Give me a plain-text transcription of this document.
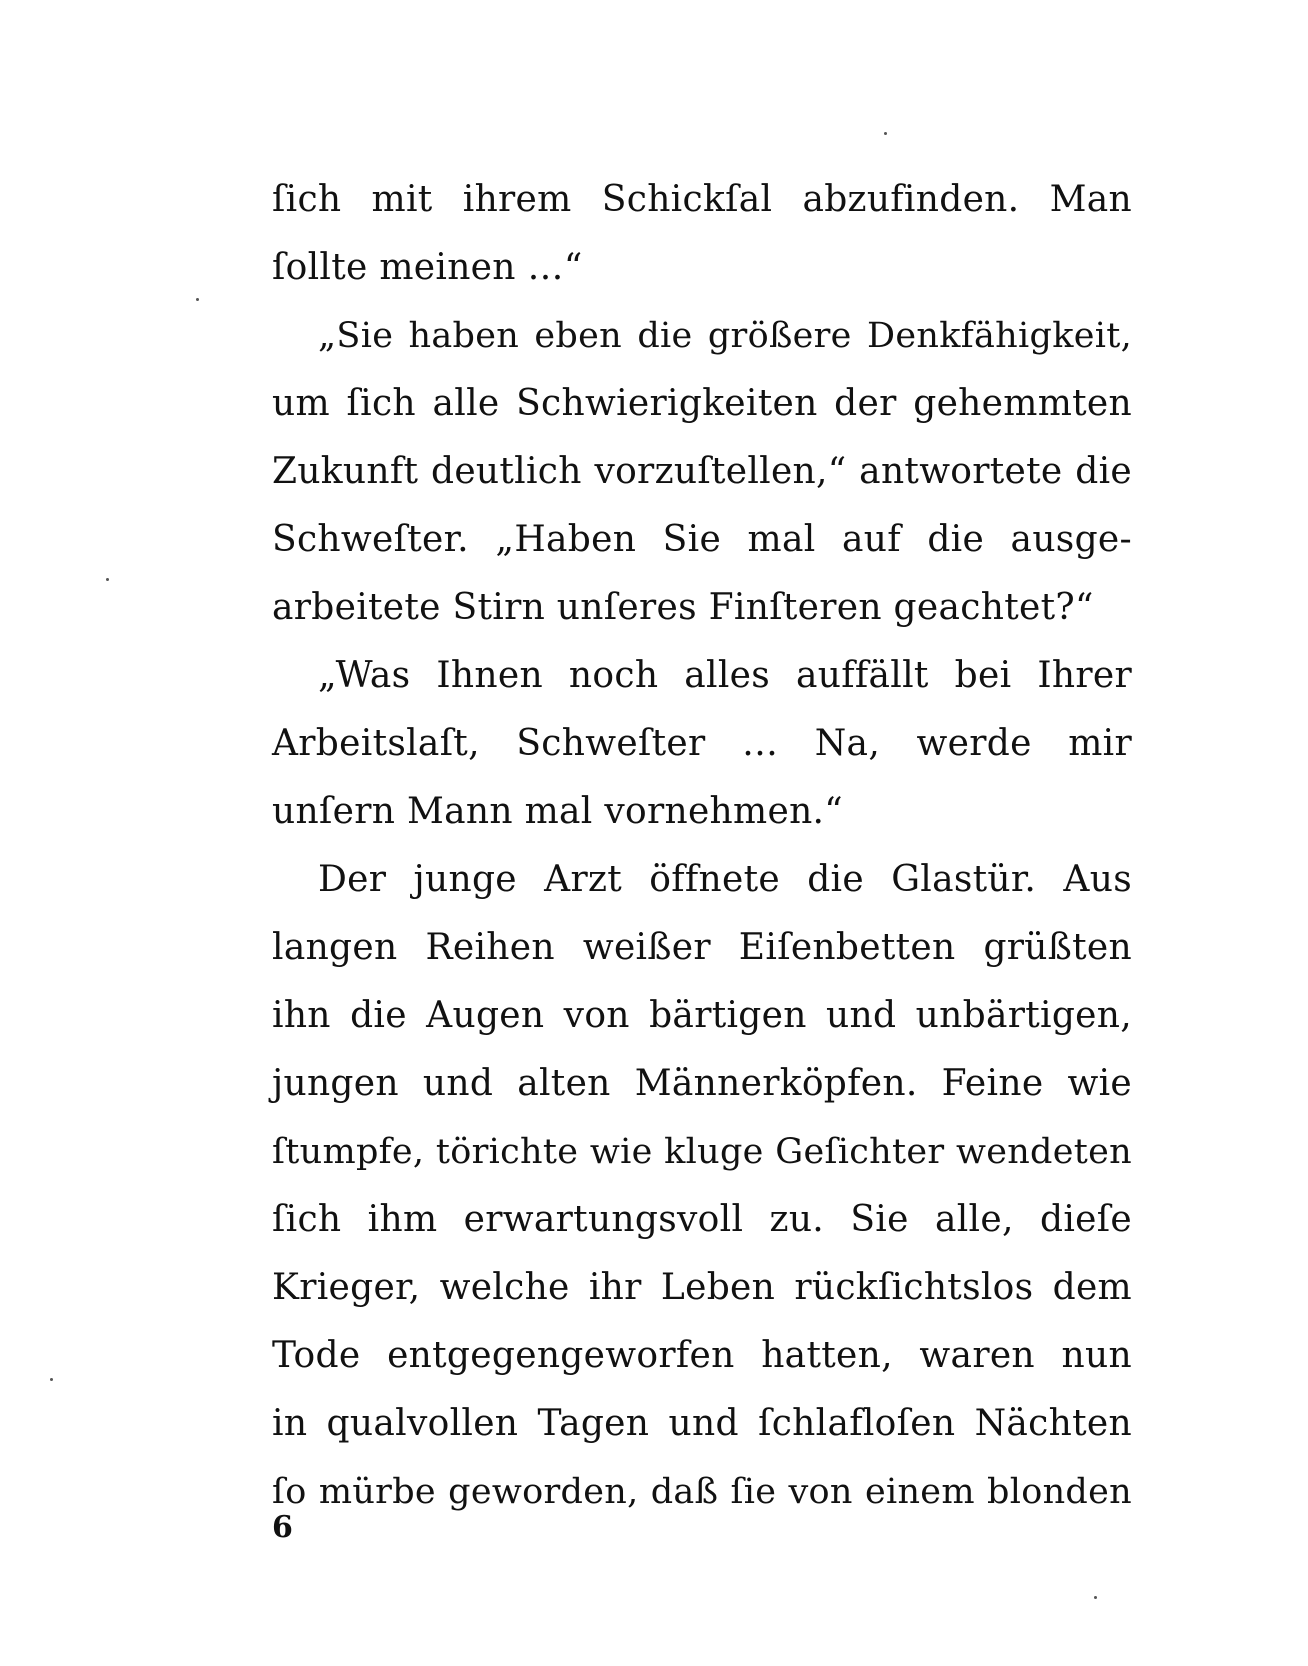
ſich mit ihrem Schickſal abzufinden. Man
ſollte meinen …“
„Sie haben eben die größere Denkfähigkeit,
um ſich alle Schwierigkeiten der gehemmten
Zukunft deutlich vorzuſtellen,“ antwortete die
Schweſter. „Haben Sie mal auf die ausge-
arbeitete Stirn unſeres Finſteren geachtet?“
„Was Ihnen noch alles auffällt bei Ihrer
Arbeitslaſt, Schweſter … Na, werde mir
unſern Mann mal vornehmen.“
Der junge Arzt öffnete die Glastür. Aus
langen Reihen weißer Eiſenbetten grüßten
ihn die Augen von bärtigen und unbärtigen,
jungen und alten Männerköpfen. Feine wie
ſtumpfe, törichte wie kluge Geſichter wendeten
ſich ihm erwartungsvoll zu. Sie alle, dieſe
Krieger, welche ihr Leben rückſichtslos dem
Tode entgegengeworfen hatten, waren nun
in qualvollen Tagen und ſchlafloſen Nächten
ſo mürbe geworden, daß ſie von einem blonden
6
